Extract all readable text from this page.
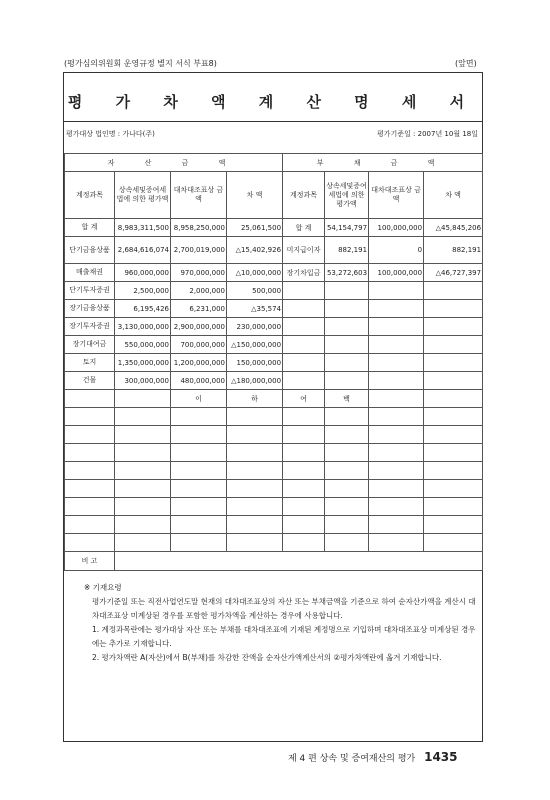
(평가심의위원회 운영규정 별지 서식 부표8)	(앞면)
평 가 차 액 계 산 명 세 서
평가대상 법인명 : 가나다(주)	평가기준일 : 2007년 10월 18일
자 산 금 액				부 채 금 액			
계정과목	상속세및증여세법에 의한 평가액	대차대조표상 금 액	차 액	계정과목	상속세및증여세법에 의한 평가액	대차대조표상 금 액	차 액
합 계	8,983,311,500	8,958,250,000	25,061,500	합 계	54,154,797	100,000,000	△45,845,206
단기금융상품	2,684,616,074	2,700,019,000	△15,402,926	미지급이자	882,191	0	882,191
매출채권	960,000,000	970,000,000	△10,000,000	장기차입금	53,272,603	100,000,000	△46,727,397
단기투자증권	2,500,000	2,000,000	500,000				
장기금융상품	6,195,426	6,231,000	△35,574				
장기투자증권	3,130,000,000	2,900,000,000	230,000,000				
장기대여금	550,000,000	700,000,000	△150,000,000				
토지	1,350,000,000	1,200,000,000	150,000,000				
건물	300,000,000	480,000,000	△180,000,000				
		이	하	여	백		

비 고							

※ 기재요령

평가기준일 또는 직전사업연도말 현재의 대차대조표상의 자산 또는 부채금액을 기준으로 하여 순자산가액을 계산시 대차대조표상 미계상된 경우를 포함한 평가차액을 계산하는 경우에 사용합니다.

1. 계정과목란에는 평가대상 자산 또는 부채를 대차대조표에 기재된 계정명으로 기입하며 대차대조표상 미계상된 경우에는 추가로 기재합니다.

2. 평가차액란 A(자산)에서 B(부채)를 차감한 잔액을 순자산가액계산서의 ②평가차액란에 옮겨 기재합니다.

제 4 편 상속 및 증여재산의 평가 1435
